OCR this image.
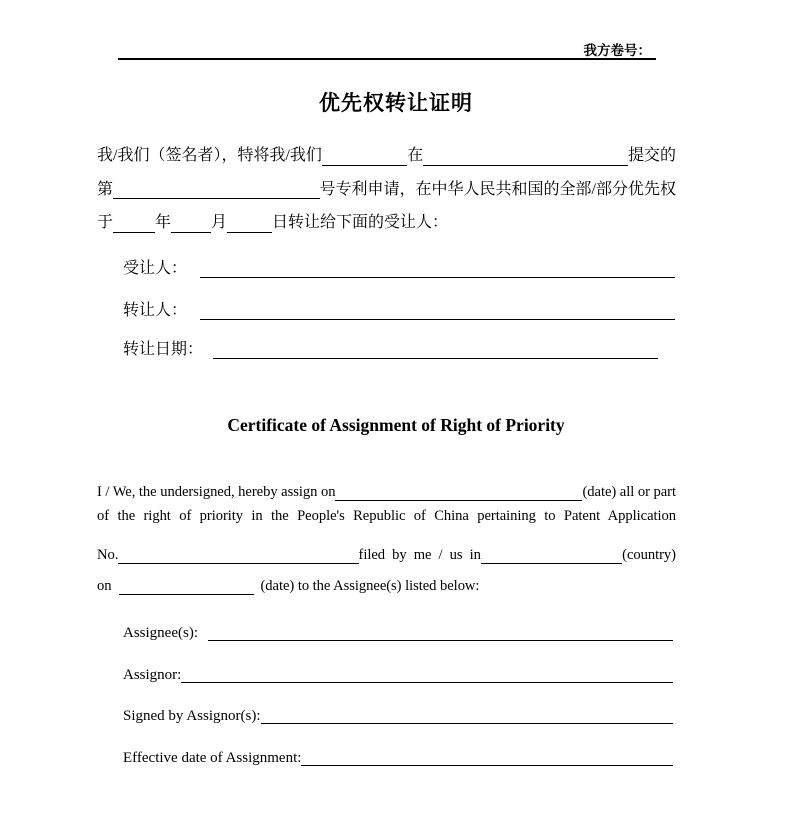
我方卷号：
优先权转让证明
我/我们（签名者），特将我/我们	在	提交的
第	号专利申请，在中华人民共和国的全部/部分优先权
于	年	月	日转让给下面的受让人：
受让人：
转让人：
转让日期：
Certificate of Assignment of Right of Priority
I / We, the undersigned, hereby assign on	(date) all or part
of the right of priority in the People's Republic of China pertaining to Patent Application
No.	filed by me / us in	(country)
on	(date) to the Assignee(s) listed below:
Assignee(s):
Assignor:
Signed by Assignor(s):
Effective date of Assignment:
